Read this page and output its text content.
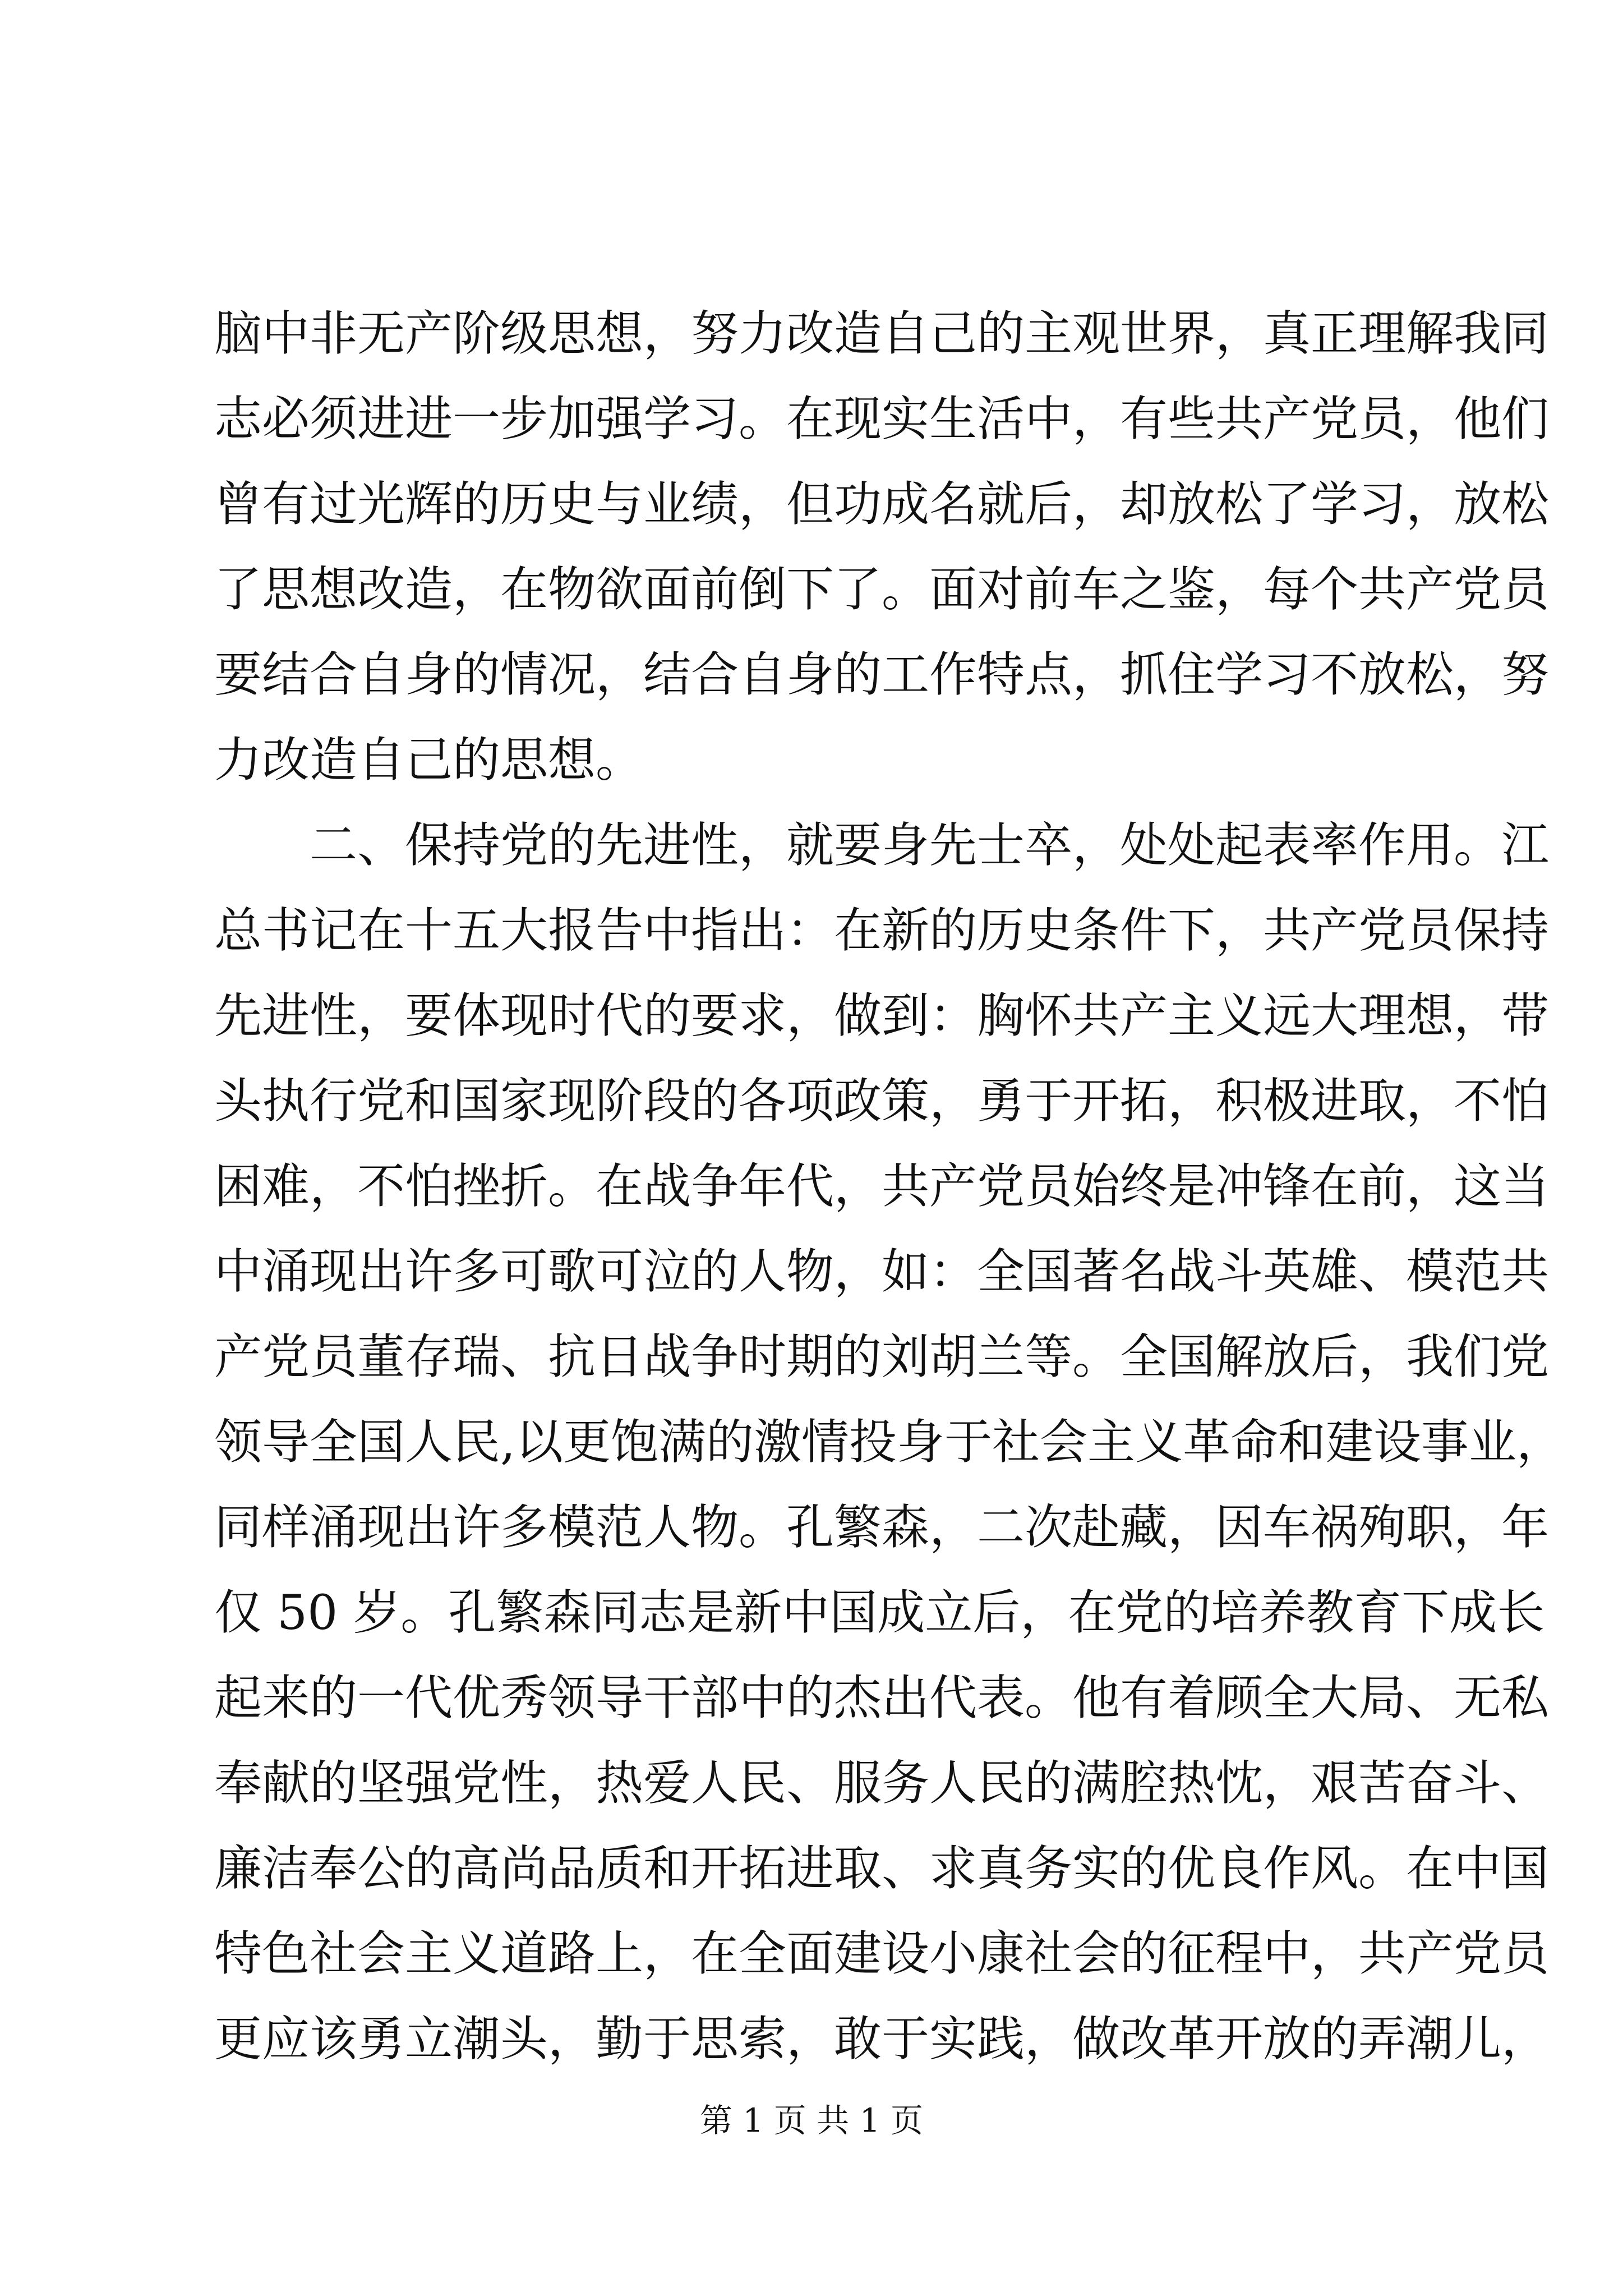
脑中非无产阶级思想，努力改造自己的主观世界，真正理解我同
志必须进进一步加强学习。在现实生活中，有些共产党员，他们
曾有过光辉的历史与业绩，但功成名就后，却放松了学习，放松
了思想改造，在物欲面前倒下了。面对前车之鉴，每个共产党员
要结合自身的情况，结合自身的工作特点，抓住学习不放松，努
力改造自己的思想。
　　二、保持党的先进性，就要身先士卒，处处起表率作用。江
总书记在十五大报告中指出：在新的历史条件下，共产党员保持
先进性，要体现时代的要求，做到：胸怀共产主义远大理想，带
头执行党和国家现阶段的各项政策，勇于开拓，积极进取，不怕
困难，不怕挫折。在战争年代，共产党员始终是冲锋在前，这当
中涌现出许多可歌可泣的人物，如：全国著名战斗英雄、模范共
产党员董存瑞、抗日战争时期的刘胡兰等。全国解放后，我们党
领导全国人民,以更饱满的激情投身于社会主义革命和建设事业，
同样涌现出许多模范人物。孔繁森，二次赴藏，因车祸殉职，年
仅 50 岁。孔繁森同志是新中国成立后，在党的培养教育下成长
起来的一代优秀领导干部中的杰出代表。他有着顾全大局、无私
奉献的坚强党性，热爱人民、服务人民的满腔热忱，艰苦奋斗、
廉洁奉公的高尚品质和开拓进取、求真务实的优良作风。在中国
特色社会主义道路上，在全面建设小康社会的征程中，共产党员
更应该勇立潮头，勤于思索，敢于实践，做改革开放的弄潮儿，
第 1 页 共 1 页
